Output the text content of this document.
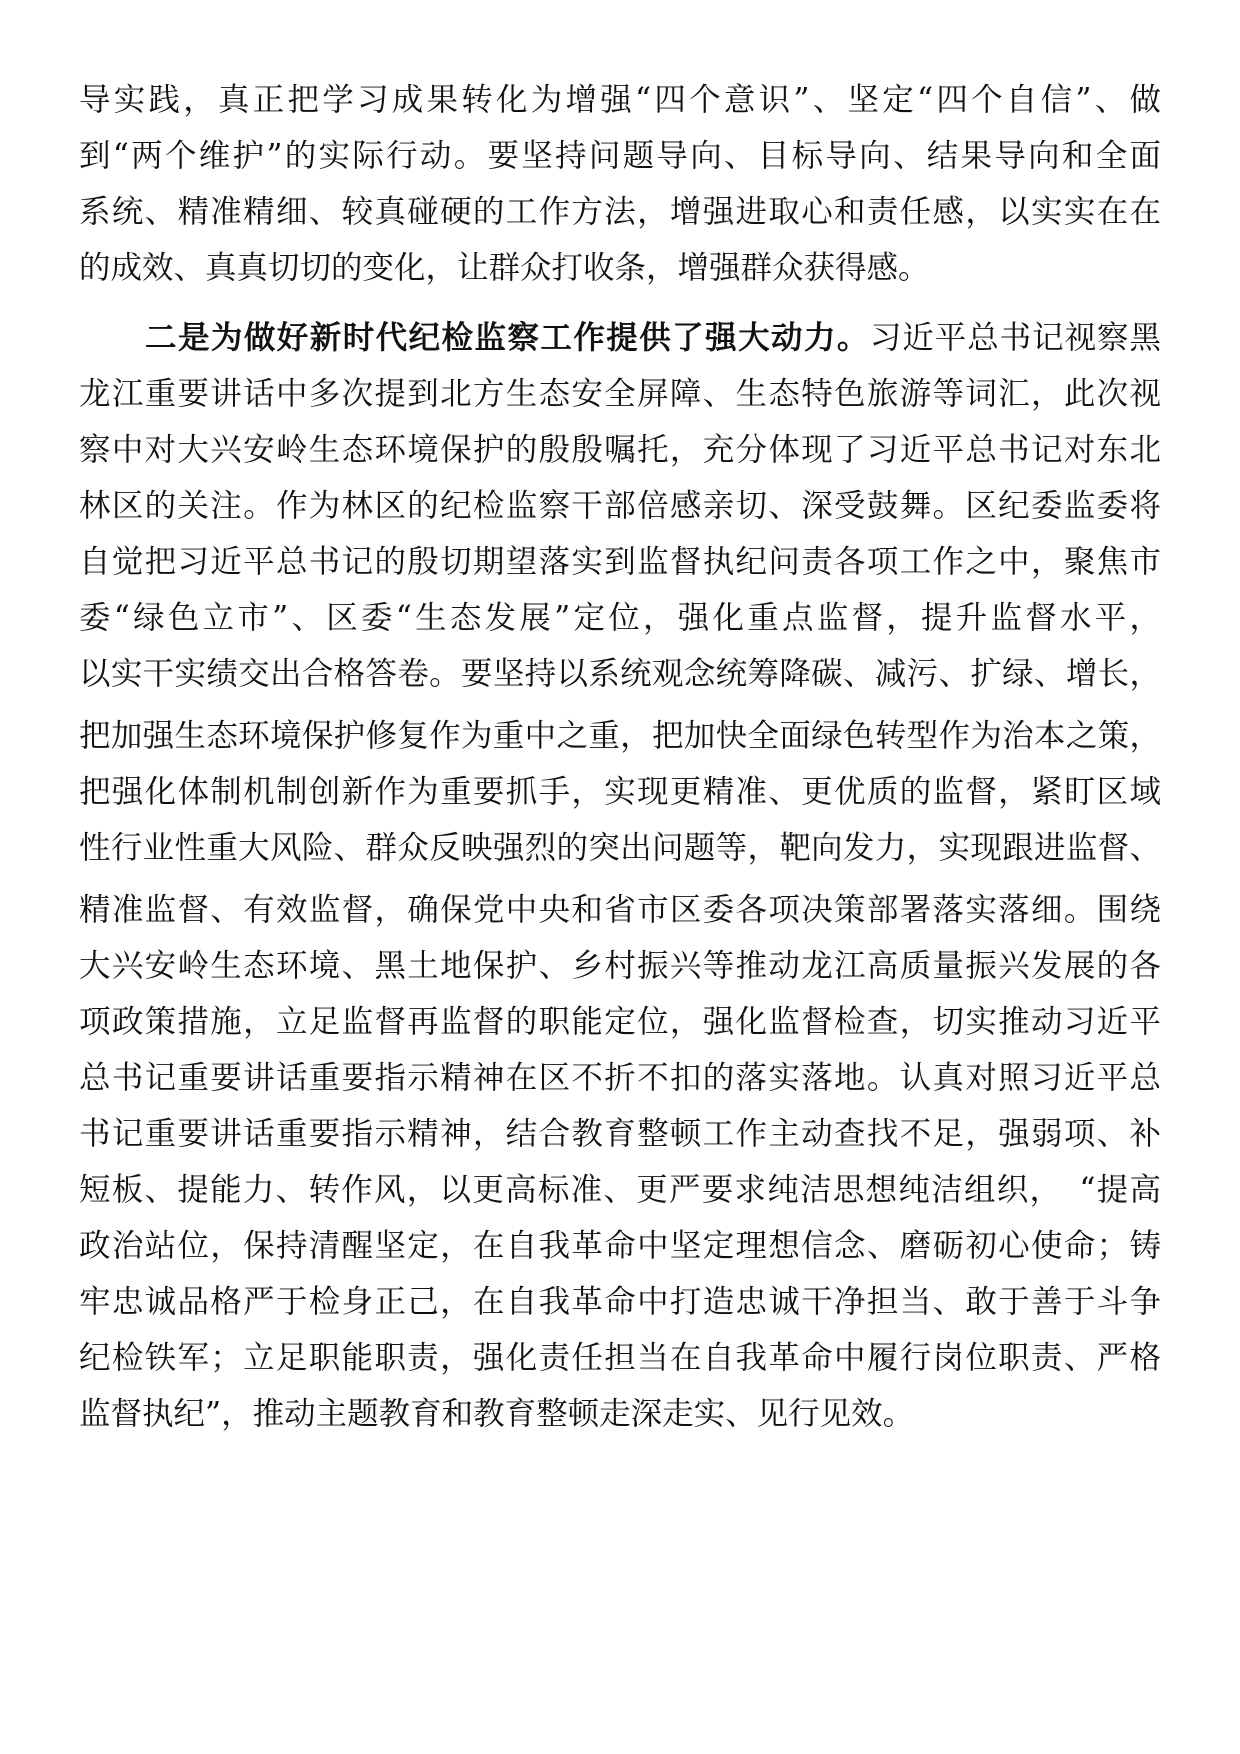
导实践，真正把学习成果转化为增强“四个意识”、坚定“四个自信”、做
到“两个维护”的实际行动。要坚持问题导向、目标导向、结果导向和全面
系统、精准精细、较真碰硬的工作方法，增强进取心和责任感，以实实在在
的成效、真真切切的变化，让群众打收条，增强群众获得感。
二是为做好新时代纪检监察工作提供了强大动力。习近平总书记视察黑
龙江重要讲话中多次提到北方生态安全屏障、生态特色旅游等词汇，此次视
察中对大兴安岭生态环境保护的殷殷嘱托，充分体现了习近平总书记对东北
林区的关注。作为林区的纪检监察干部倍感亲切、深受鼓舞。区纪委监委将
自觉把习近平总书记的殷切期望落实到监督执纪问责各项工作之中，聚焦市
委“绿色立市”、区委“生态发展”定位，强化重点监督，提升监督水平，
以实干实绩交出合格答卷。要坚持以系统观念统筹降碳、减污、扩绿、增长，
把加强生态环境保护修复作为重中之重，把加快全面绿色转型作为治本之策，
把强化体制机制创新作为重要抓手，实现更精准、更优质的监督，紧盯区域
性行业性重大风险、群众反映强烈的突出问题等，靶向发力，实现跟进监督、
精准监督、有效监督，确保党中央和省市区委各项决策部署落实落细。围绕
大兴安岭生态环境、黑土地保护、乡村振兴等推动龙江高质量振兴发展的各
项政策措施，立足监督再监督的职能定位，强化监督检查，切实推动习近平
总书记重要讲话重要指示精神在区不折不扣的落实落地。认真对照习近平总
书记重要讲话重要指示精神，结合教育整顿工作主动查找不足，强弱项、补
短板、提能力、转作风，以更高标准、更严要求纯洁思想纯洁组织，　“提高
政治站位，保持清醒坚定，在自我革命中坚定理想信念、磨砺初心使命；铸
牢忠诚品格严于检身正己，在自我革命中打造忠诚干净担当、敢于善于斗争
纪检铁军；立足职能职责，强化责任担当在自我革命中履行岗位职责、严格
监督执纪”，推动主题教育和教育整顿走深走实、见行见效。
